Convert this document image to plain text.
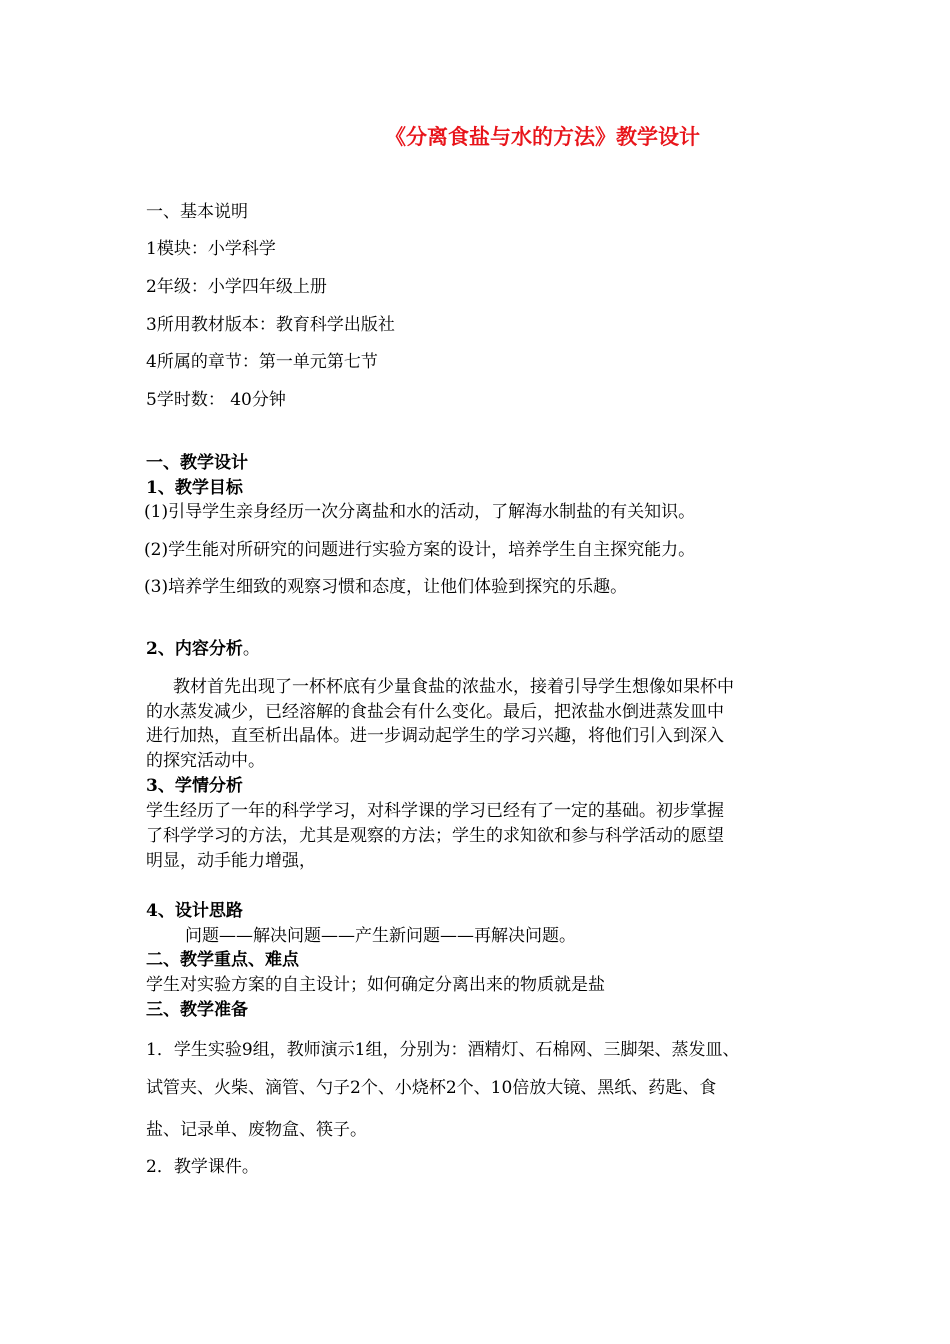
《分离食盐与水的方法》教学设计
一、基本说明
1模块：小学科学
2年级：小学四年级上册
3所用教材版本：教育科学出版社
4所属的章节：第一单元第七节
5学时数： 40分钟
一、教学设计
1、教学目标
(1)引导学生亲身经历一次分离盐和水的活动，了解海水制盐的有关知识。
(2)学生能对所研究的问题进行实验方案的设计，培养学生自主探究能力。
(3)培养学生细致的观察习惯和态度，让他们体验到探究的乐趣。
2、内容分析。
教材首先出现了一杯杯底有少量食盐的浓盐水，接着引导学生想像如果杯中
的水蒸发减少，已经溶解的食盐会有什么变化。最后，把浓盐水倒进蒸发皿中
进行加热，直至析出晶体。进一步调动起学生的学习兴趣，将他们引入到深入
的探究活动中。
3、学情分析
学生经历了一年的科学学习，对科学课的学习已经有了一定的基础。初步掌握
了科学学习的方法，尤其是观察的方法；学生的求知欲和参与科学活动的愿望
明显，动手能力增强，
4、设计思路
问题——解决问题——产生新问题——再解决问题。
二、教学重点、难点
学生对实验方案的自主设计；如何确定分离出来的物质就是盐
三、教学准备
1．学生实验9组，教师演示1组，分别为：酒精灯、石棉网、三脚架、蒸发皿、
试管夹、火柴、滴管、勺子2个、小烧杯2个、10倍放大镜、黑纸、药匙、食
盐、记录单、废物盒、筷子。
2．教学课件。
